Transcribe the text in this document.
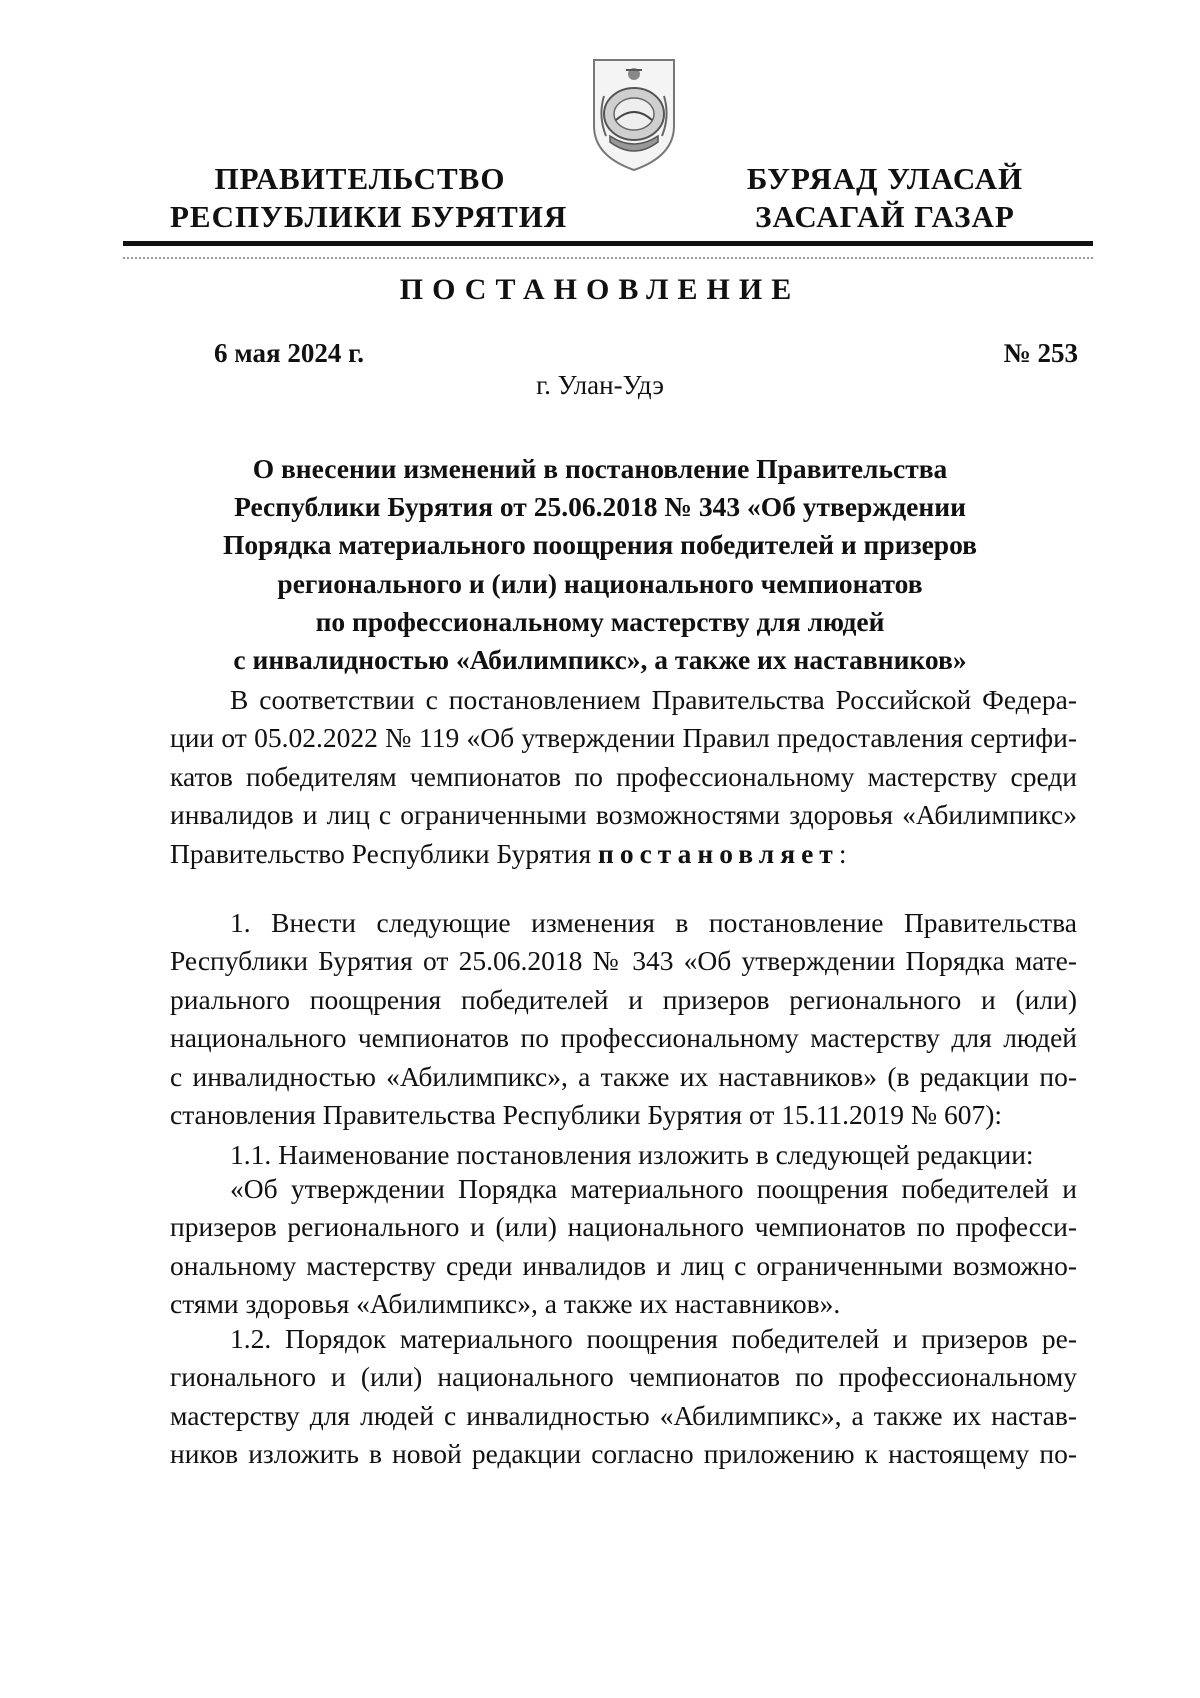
ПРАВИТЕЛЬСТВО
РЕСПУБЛИКИ БУРЯТИЯ
БУРЯАД УЛАСАЙ
ЗАСАГАЙ ГАЗАР
ПОСТАНОВЛЕНИЕ
6 мая 2024 г.	№ 253
г. Улан-Удэ
О внесении изменений в постановление Правительства
Республики Бурятия от 25.06.2018 № 343 «Об утверждении
Порядка материального поощрения победителей и призеров
регионального и (или) национального чемпионатов
по профессиональному мастерству для людей
с инвалидностью «Абилимпикс», а также их наставников»
В соответствии с постановлением Правительства Российской Федера-
ции от 05.02.2022 № 119 «Об утверждении Правил предоставления сертифи-
катов победителям чемпионатов по профессиональному мастерству среди
инвалидов и лиц с ограниченными возможностями здоровья «Абилимпикс»
Правительство Республики Бурятия постановляет:
1. Внести следующие изменения в постановление Правительства
Республики Бурятия от 25.06.2018 № 343 «Об утверждении Порядка мате-
риального поощрения победителей и призеров регионального и (или)
национального чемпионатов по профессиональному мастерству для людей
с инвалидностью «Абилимпикс», а также их наставников» (в редакции по-
становления Правительства Республики Бурятия от 15.11.2019 № 607):
1.1. Наименование постановления изложить в следующей редакции:
«Об утверждении Порядка материального поощрения победителей и
призеров регионального и (или) национального чемпионатов по професси-
ональному мастерству среди инвалидов и лиц с ограниченными возможно-
стями здоровья «Абилимпикс», а также их наставников».
1.2. Порядок материального поощрения победителей и призеров ре-
гионального и (или) национального чемпионатов по профессиональному
мастерству для людей с инвалидностью «Абилимпикс», а также их настав-
ников изложить в новой редакции согласно приложению к настоящему по-
